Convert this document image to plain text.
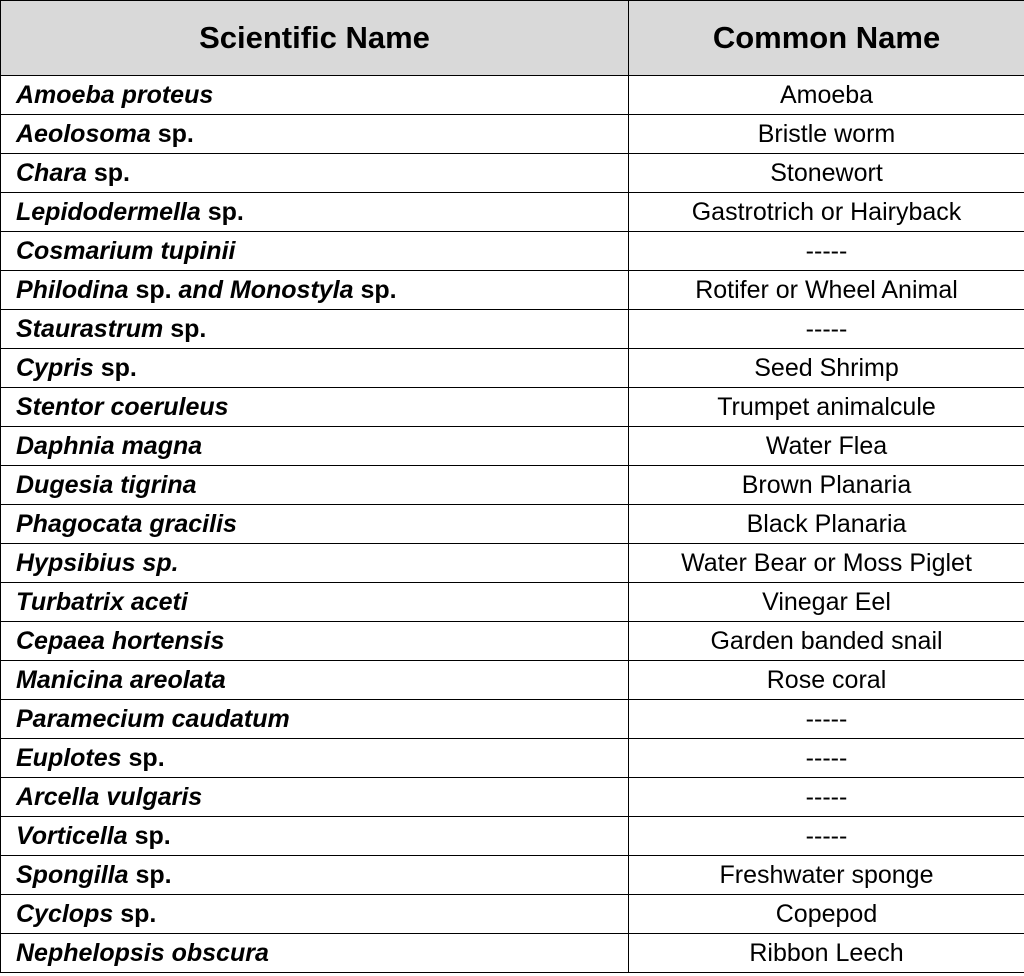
Scientific Name	Common Name
Amoeba proteus	Amoeba
Aeolosoma sp.	Bristle worm
Chara sp.	Stonewort
Lepidodermella sp.	Gastrotrich or Hairyback
Cosmarium tupinii	-----
Philodina sp. and Monostyla sp.	Rotifer or Wheel Animal
Staurastrum sp.	-----
Cypris sp.	Seed Shrimp
Stentor coeruleus	Trumpet animalcule
Daphnia magna	Water Flea
Dugesia tigrina	Brown Planaria
Phagocata gracilis	Black Planaria
Hypsibius sp.	Water Bear or Moss Piglet
Turbatrix aceti	Vinegar Eel
Cepaea hortensis	Garden banded snail
Manicina areolata	Rose coral
Paramecium caudatum	-----
Euplotes sp.	-----
Arcella vulgaris	-----
Vorticella sp.	-----
Spongilla sp.	Freshwater sponge
Cyclops sp.	Copepod
Nephelopsis obscura	Ribbon Leech
